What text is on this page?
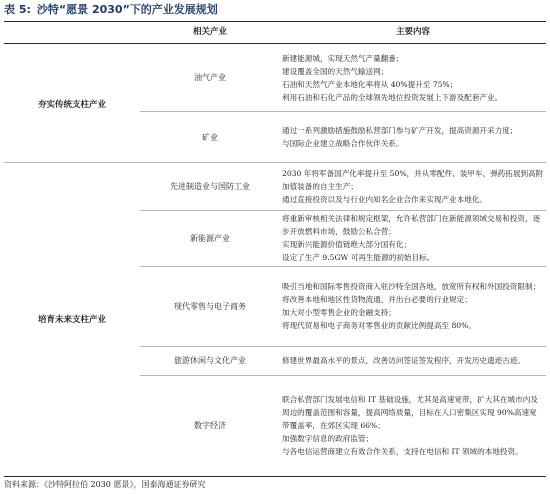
表 5: 沙特“愿景 2030”下的产业发展规划
相关产业	主要内容
夯实传统支柱产业
油气产业
新建能源城，实现天然气产量翻番；
建设覆盖全国的天然气输送网；
石油和天然气产业本地化率将从 40%提升至 75%；
利用石油和石化产品的全球领先地位投资发展上下游及配套产业。
矿业
通过一系列激励措施鼓励私营部门参与矿产开发，提高资源开采力度；
与国际企业建立战略合作伙伴关系。
培育未来支柱产业
先进制造业与国防工业
2030 年将军备国产化率提升至 50%，并从零配件、装甲车、弹药拓展到高附加值装备的自主生产；
通过直接投资以及与行业内知名企业合作来实现产业本地化。
新能源产业
将重新审核相关法律和规定框架，允许私营部门在新能源领域交易和投资，逐步开放燃料市场，鼓励公私合营；
实现新兴能源价值链绝大部分国有化；
设定了生产 9.5GW 可再生能源的初始目标。
现代零售与电子商务
吸引当地和国际零售投资商入驻沙特全国各地，放宽所有权和外国投资限制；
将改善本地和地区性货物流通，并出台必要的行业规定；
加大对小型零售企业的金融支持；
将现代贸易和电子商务对零售业的贡献比例提高至 80%。
旅游休闲与文化产业	修建世界最高水平的景点，改善访问签证签发程序，开发历史遗迹古迹。
数字经济
联合私营部门发展电信和 IT 基础设施，尤其是高速宽带，扩大其在城市内及周边的覆盖范围和容量，提高网络质量，目标在人口密集区实现 90%高速宽带覆盖率，在郊区实现 66%；
加强数字信息的政府监管；
与各电信运营商建立有效合作关系，支持在电信和 IT 领域的本地投资。
资料来源：《沙特阿拉伯 2030 愿景》，国泰海通证券研究
